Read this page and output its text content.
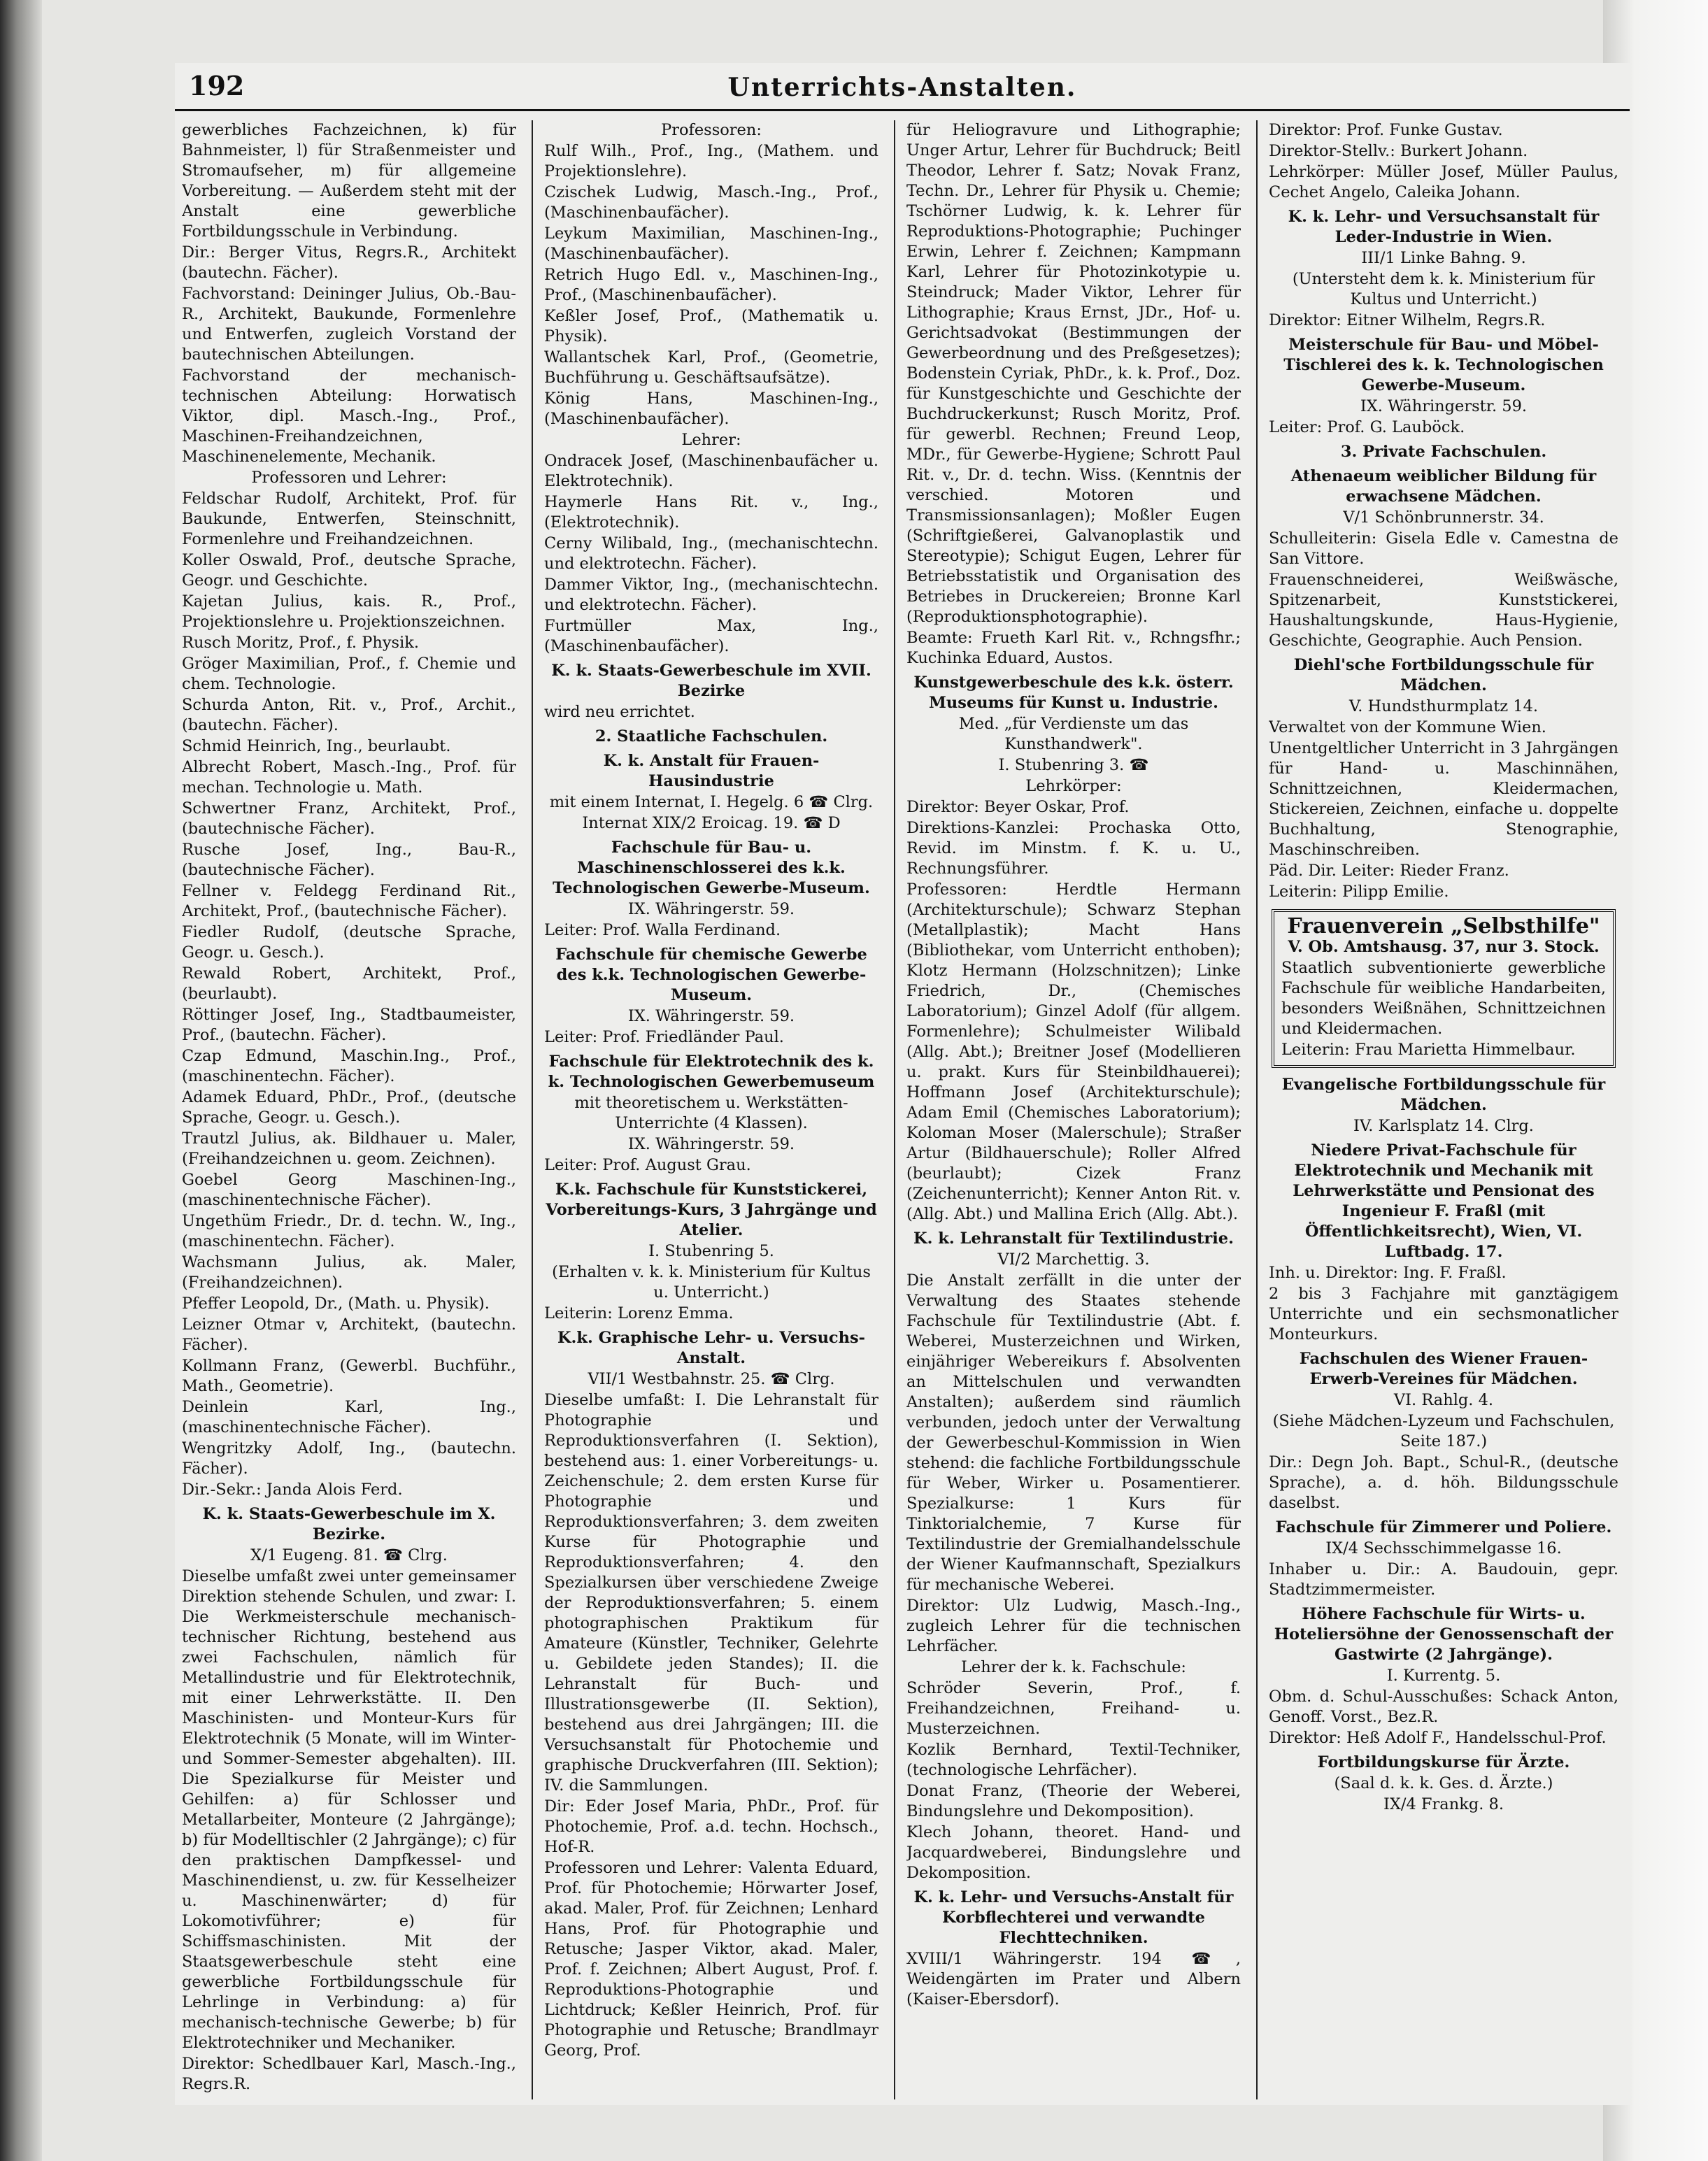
192	Unterrichts-Anstalten.

gewerbliches Fachzeichnen, k) für Bahnmeister, l) für Straßenmeister und Stromaufseher, m) für allgemeine Vorbereitung. — Außerdem steht mit der Anstalt eine gewerbliche Fortbildungsschule in Verbindung.

Dir.: Berger Vitus, Regrs.R., Architekt (bautechn. Fächer).

Fachvorstand: Deininger Julius, Ob.-Bau-R., Architekt, Baukunde, Formenlehre und Entwerfen, zugleich Vorstand der bautechnischen Abteilungen.

Fachvorstand der mechanisch-technischen Abteilung: Horwatisch Viktor, dipl. Masch.-Ing., Prof., Maschinen-Freihandzeichnen, Maschinenelemente, Mechanik.

Professoren und Lehrer:

Feldschar Rudolf, Architekt, Prof. für Baukunde, Entwerfen, Steinschnitt, Formenlehre und Freihandzeichnen.

Koller Oswald, Prof., deutsche Sprache, Geogr. und Geschichte.

Kajetan Julius, kais. R., Prof., Projektionslehre u. Projektionszeichnen.

Rusch Moritz, Prof., f. Physik.

Gröger Maximilian, Prof., f. Chemie und chem. Technologie.

Schurda Anton, Rit. v., Prof., Archit., (bautechn. Fächer).

Schmid Heinrich, Ing., beurlaubt.

Albrecht Robert, Masch.-Ing., Prof. für mechan. Technologie u. Math.

Schwertner Franz, Architekt, Prof., (bautechnische Fächer).

Rusche Josef, Ing., Bau-R., (bautechnische Fächer).

Fellner v. Feldegg Ferdinand Rit., Architekt, Prof., (bautechnische Fächer).

Fiedler Rudolf, (deutsche Sprache, Geogr. u. Gesch.).

Rewald Robert, Architekt, Prof., (beurlaubt).

Röttinger Josef, Ing., Stadtbaumeister, Prof., (bautechn. Fächer).

Czap Edmund, Maschin.Ing., Prof., (maschinentechn. Fächer).

Adamek Eduard, PhDr., Prof., (deutsche Sprache, Geogr. u. Gesch.).

Trautzl Julius, ak. Bildhauer u. Maler, (Freihandzeichnen u. geom. Zeichnen).

Goebel Georg Maschinen-Ing., (maschinentechnische Fächer).

Ungethüm Friedr., Dr. d. techn. W., Ing., (maschinentechn. Fächer).

Wachsmann Julius, ak. Maler, (Freihandzeichnen).

Pfeffer Leopold, Dr., (Math. u. Physik).

Leizner Otmar v, Architekt, (bautechn. Fächer).

Kollmann Franz, (Gewerbl. Buchführ., Math., Geometrie).

Deinlein Karl, Ing., (maschinentechnische Fächer).

Wengritzky Adolf, Ing., (bautechn. Fächer).

Dir.-Sekr.: Janda Alois Ferd.

K. k. Staats-Gewerbeschule im X. Bezirke.

X/1 Eugeng. 81. ☎ Clrg.

Dieselbe umfaßt zwei unter gemeinsamer Direktion stehende Schulen, und zwar: I. Die Werkmeisterschule mechanisch-technischer Richtung, bestehend aus zwei Fachschulen, nämlich für Metallindustrie und für Elektrotechnik, mit einer Lehrwerkstätte. II. Den Maschinisten- und Monteur-Kurs für Elektrotechnik (5 Monate, will im Winter- und Sommer-Semester abgehalten). III. Die Spezialkurse für Meister und Gehilfen: a) für Schlosser und Metallarbeiter, Monteure (2 Jahrgänge); b) für Modelltischler (2 Jahrgänge); c) für den praktischen Dampfkessel- und Maschinendienst, u. zw. für Kesselheizer u. Maschinenwärter; d) für Lokomotivführer; e) für Schiffsmaschinisten. Mit der Staatsgewerbeschule steht eine gewerbliche Fortbildungsschule für Lehrlinge in Verbindung: a) für mechanisch-technische Gewerbe; b) für Elektrotechniker und Mechaniker.

Direktor: Schedlbauer Karl, Masch.-Ing., Regrs.R.

Professoren:

Rulf Wilh., Prof., Ing., (Mathem. und Projektionslehre).

Czischek Ludwig, Masch.-Ing., Prof., (Maschinenbaufächer).

Leykum Maximilian, Maschinen-Ing., (Maschinenbaufächer).

Retrich Hugo Edl. v., Maschinen-Ing., Prof., (Maschinenbaufächer).

Keßler Josef, Prof., (Mathematik u. Physik).

Wallantschek Karl, Prof., (Geometrie, Buchführung u. Geschäftsaufsätze).

König Hans, Maschinen-Ing., (Maschinenbaufächer).

Lehrer:

Ondracek Josef, (Maschinenbaufächer u. Elektrotechnik).

Haymerle Hans Rit. v., Ing., (Elektrotechnik).

Cerny Wilibald, Ing., (mechanischtechn. und elektrotechn. Fächer).

Dammer Viktor, Ing., (mechanischtechn. und elektrotechn. Fächer).

Furtmüller Max, Ing., (Maschinenbaufächer).

K. k. Staats-Gewerbeschule im XVII. Bezirke

wird neu errichtet.

2. Staatliche Fachschulen.

K. k. Anstalt für Frauen-Hausindustrie

mit einem Internat, I. Hegelg. 6 ☎ Clrg.

Internat XIX/2 Eroicag. 19. ☎ D

Fachschule für Bau- u. Maschinenschlosserei des k.k. Technologischen Gewerbe-Museum.

IX. Währingerstr. 59.

Leiter: Prof. Walla Ferdinand.

Fachschule für chemische Gewerbe des k.k. Technologischen Gewerbe-Museum.

IX. Währingerstr. 59.

Leiter: Prof. Friedländer Paul.

Fachschule für Elektrotechnik des k. k. Technologischen Gewerbemuseum

mit theoretischem u. Werkstätten-Unterrichte (4 Klassen).

IX. Währingerstr. 59.

Leiter: Prof. August Grau.

K.k. Fachschule für Kunststickerei, Vorbereitungs-Kurs, 3 Jahrgänge und Atelier.

I. Stubenring 5.

(Erhalten v. k. k. Ministerium für Kultus u. Unterricht.)

Leiterin: Lorenz Emma.

K.k. Graphische Lehr- u. Versuchs-Anstalt.

VII/1 Westbahnstr. 25. ☎ Clrg.

Dieselbe umfaßt: I. Die Lehranstalt für Photographie und Reproduktionsverfahren (I. Sektion), bestehend aus: 1. einer Vorbereitungs- u. Zeichenschule; 2. dem ersten Kurse für Photographie und Reproduktionsverfahren; 3. dem zweiten Kurse für Photographie und Reproduktionsverfahren; 4. den Spezialkursen über verschiedene Zweige der Reproduktionsverfahren; 5. einem photographischen Praktikum für Amateure (Künstler, Techniker, Gelehrte u. Gebildete jeden Standes); II. die Lehranstalt für Buch- und Illustrationsgewerbe (II. Sektion), bestehend aus drei Jahrgängen; III. die Versuchsanstalt für Photochemie und graphische Druckverfahren (III. Sektion); IV. die Sammlungen.

Dir: Eder Josef Maria, PhDr., Prof. für Photochemie, Prof. a.d. techn. Hochsch., Hof-R.

Professoren und Lehrer: Valenta Eduard, Prof. für Photochemie; Hörwarter Josef, akad. Maler, Prof. für Zeichnen; Lenhard Hans, Prof. für Photographie und Retusche; Jasper Viktor, akad. Maler, Prof. f. Zeichnen; Albert August, Prof. f. Reproduktions-Photographie und Lichtdruck; Keßler Heinrich, Prof. für Photographie und Retusche; Brandlmayr Georg, Prof.

für Heliogravure und Lithographie; Unger Artur, Lehrer für Buchdruck; Beitl Theodor, Lehrer f. Satz; Novak Franz, Techn. Dr., Lehrer für Physik u. Chemie; Tschörner Ludwig, k. k. Lehrer für Reproduktions-Photographie; Puchinger Erwin, Lehrer f. Zeichnen; Kampmann Karl, Lehrer für Photozinkotypie u. Steindruck; Mader Viktor, Lehrer für Lithographie; Kraus Ernst, JDr., Hof- u. Gerichtsadvokat (Bestimmungen der Gewerbeordnung und des Preßgesetzes); Bodenstein Cyriak, PhDr., k. k. Prof., Doz. für Kunstgeschichte und Geschichte der Buchdruckerkunst; Rusch Moritz, Prof. für gewerbl. Rechnen; Freund Leop, MDr., für Gewerbe-Hygiene; Schrott Paul Rit. v., Dr. d. techn. Wiss. (Kenntnis der verschied. Motoren und Transmissionsanlagen); Moßler Eugen (Schriftgießerei, Galvanoplastik und Stereotypie); Schigut Eugen, Lehrer für Betriebsstatistik und Organisation des Betriebes in Druckereien; Bronne Karl (Reproduktionsphotographie).

Beamte: Frueth Karl Rit. v., Rchngsfhr.; Kuchinka Eduard, Austos.

Kunstgewerbeschule des k.k. österr. Museums für Kunst u. Industrie.

Med. „für Verdienste um das Kunsthandwerk".

I. Stubenring 3. ☎

Lehrkörper:

Direktor: Beyer Oskar, Prof.

Direktions-Kanzlei: Prochaska Otto, Revid. im Minstm. f. K. u. U., Rechnungsführer.

Professoren: Herdtle Hermann (Architekturschule); Schwarz Stephan (Metallplastik); Macht Hans (Bibliothekar, vom Unterricht enthoben); Klotz Hermann (Holzschnitzen); Linke Friedrich, Dr., (Chemisches Laboratorium); Ginzel Adolf (für allgem. Formenlehre); Schulmeister Wilibald (Allg. Abt.); Breitner Josef (Modellieren u. prakt. Kurs für Steinbildhauerei); Hoffmann Josef (Architekturschule); Adam Emil (Chemisches Laboratorium); Koloman Moser (Malerschule); Straßer Artur (Bildhauerschule); Roller Alfred (beurlaubt); Cizek Franz (Zeichenunterricht); Kenner Anton Rit. v. (Allg. Abt.) und Mallina Erich (Allg. Abt.).

K. k. Lehranstalt für Textilindustrie.

VI/2 Marchettig. 3.

Die Anstalt zerfällt in die unter der Verwaltung des Staates stehende Fachschule für Textilindustrie (Abt. f. Weberei, Musterzeichnen und Wirken, einjähriger Webereikurs f. Absolventen an Mittelschulen und verwandten Anstalten); außerdem sind räumlich verbunden, jedoch unter der Verwaltung der Gewerbeschul-Kommission in Wien stehend: die fachliche Fortbildungsschule für Weber, Wirker u. Posamentierer. Spezialkurse: 1 Kurs für Tinktorialchemie, 7 Kurse für Textilindustrie der Gremialhandelsschule der Wiener Kaufmannschaft, Spezialkurs für mechanische Weberei.

Direktor: Ulz Ludwig, Masch.-Ing., zugleich Lehrer für die technischen Lehrfächer.

Lehrer der k. k. Fachschule:

Schröder Severin, Prof., f. Freihandzeichnen, Freihand- u. Musterzeichnen.

Kozlik Bernhard, Textil-Techniker, (technologische Lehrfächer).

Donat Franz, (Theorie der Weberei, Bindungslehre und Dekomposition).

Klech Johann, theoret. Hand- und Jacquardweberei, Bindungslehre und Dekomposition.

K. k. Lehr- und Versuchs-Anstalt für Korbflechterei und verwandte Flechttechniken.

XVIII/1 Währingerstr. 194 ☎, Weidengärten im Prater und Albern (Kaiser-Ebersdorf).

Direktor: Prof. Funke Gustav.

Direktor-Stellv.: Burkert Johann.

Lehrkörper: Müller Josef, Müller Paulus, Cechet Angelo, Caleika Johann.

K. k. Lehr- und Versuchsanstalt für Leder-Industrie in Wien.

III/1 Linke Bahng. 9.

(Untersteht dem k. k. Ministerium für Kultus und Unterricht.)

Direktor: Eitner Wilhelm, Regrs.R.

Meisterschule für Bau- und Möbel-Tischlerei des k. k. Technologischen Gewerbe-Museum.

IX. Währingerstr. 59.

Leiter: Prof. G. Lauböck.

3. Private Fachschulen.

Athenaeum weiblicher Bildung für erwachsene Mädchen.

V/1 Schönbrunnerstr. 34.

Schulleiterin: Gisela Edle v. Camestna de San Vittore.

Frauenschneiderei, Weißwäsche, Spitzenarbeit, Kunststickerei, Haushaltungskunde, Haus-Hygienie, Geschichte, Geographie. Auch Pension.

Diehl'sche Fortbildungsschule für Mädchen.

V. Hundsthurmplatz 14.

Verwaltet von der Kommune Wien.

Unentgeltlicher Unterricht in 3 Jahrgängen für Hand- u. Maschinnähen, Schnittzeichnen, Kleidermachen, Stickereien, Zeichnen, einfache u. doppelte Buchhaltung, Stenographie, Maschinschreiben.

Päd. Dir. Leiter: Rieder Franz.

Leiterin: Pilipp Emilie.

Frauenverein „Selbsthilfe"

V. Ob. Amtshausg. 37, nur 3. Stock.

Staatlich subventionierte gewerbliche Fachschule für weibliche Handarbeiten, besonders Weißnähen, Schnittzeichnen und Kleidermachen.

Leiterin: Frau Marietta Himmelbaur.

Evangelische Fortbildungsschule für Mädchen.

IV. Karlsplatz 14. Clrg.

Niedere Privat-Fachschule für Elektrotechnik und Mechanik mit Lehrwerkstätte und Pensionat des Ingenieur F. Fraßl (mit Öffentlichkeitsrecht), Wien, VI. Luftbadg. 17.

Inh. u. Direktor: Ing. F. Fraßl.

2 bis 3 Fachjahre mit ganztägigem Unterrichte und ein sechsmonatlicher Monteurkurs.

Fachschulen des Wiener Frauen-Erwerb-Vereines für Mädchen.

VI. Rahlg. 4.

(Siehe Mädchen-Lyzeum und Fachschulen, Seite 187.)

Dir.: Degn Joh. Bapt., Schul-R., (deutsche Sprache), a. d. höh. Bildungsschule daselbst.

Fachschule für Zimmerer und Poliere.

IX/4 Sechsschimmelgasse 16.

Inhaber u. Dir.: A. Baudouin, gepr. Stadtzimmermeister.

Höhere Fachschule für Wirts- u. Hoteliersöhne der Genossenschaft der Gastwirte (2 Jahrgänge).

I. Kurrentg. 5.

Obm. d. Schul-Ausschußes: Schack Anton, Genoff. Vorst., Bez.R.

Direktor: Heß Adolf F., Handelsschul-Prof.

Fortbildungskurse für Ärzte.

(Saal d. k. k. Ges. d. Ärzte.)

IX/4 Frankg. 8.
